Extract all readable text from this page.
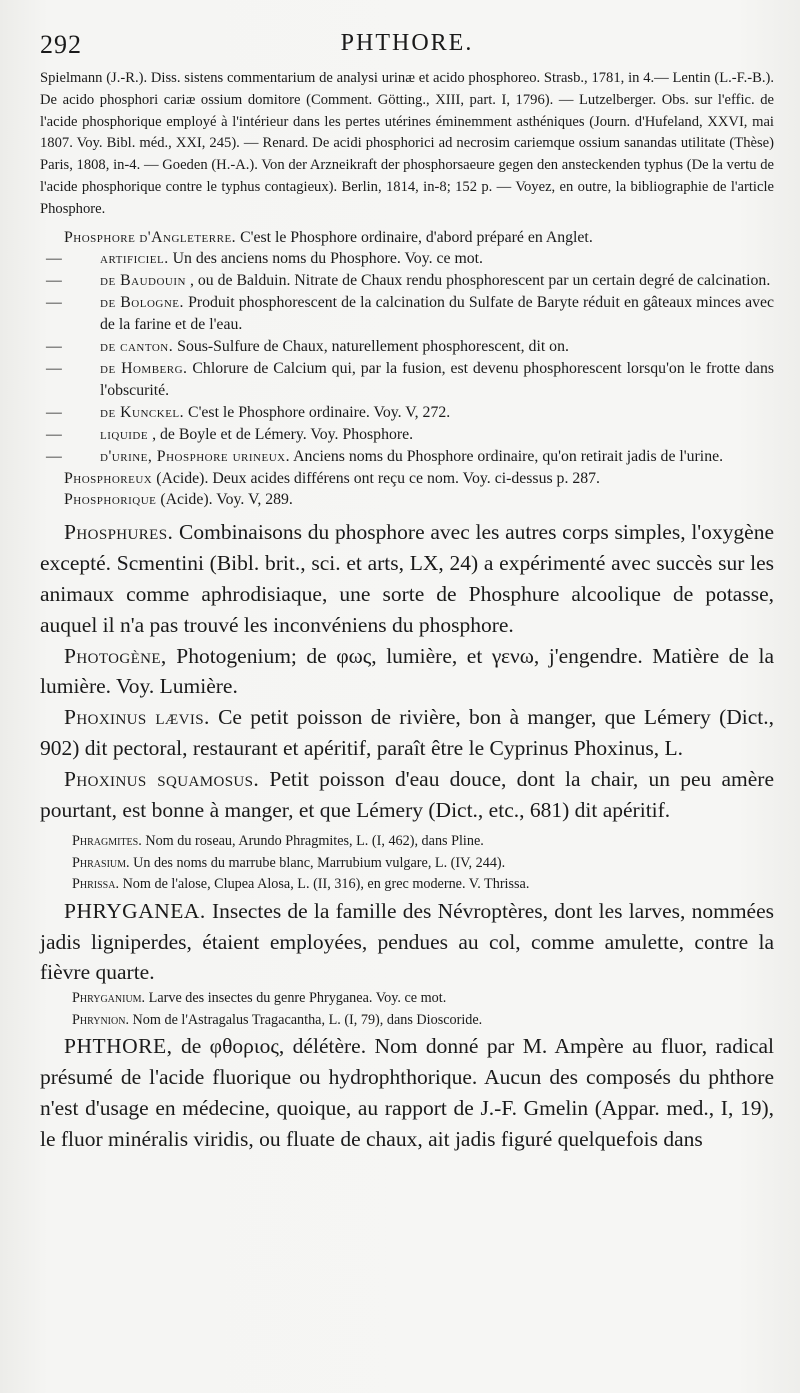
292	PHTHORE.

Spielmann (J.-R.). Diss. sistens commentarium de analysi urinæ et acido phosphoreo. Strasb., 1781, in 4.— Lentin (L.-F.-B.). De acido phosphori cariæ ossium domitore (Comment. Götting., XIII, part. I, 1796). — Lutzelberger. Obs. sur l'effic. de l'acide phosphorique employé à l'intérieur dans les pertes utérines éminemment asthéniques (Journ. d'Hufeland, XXVI, mai 1807. Voy. Bibl. méd., XXI, 245). — Renard. De acidi phosphorici ad necrosim cariemque ossium sanandas utilitate (Thèse) Paris, 1808, in-4. — Goeden (H.-A.). Von der Arzneikraft der phosphorsaeure gegen den ansteckenden typhus (De la vertu de l'acide phosphorique contre le typhus contagieux). Berlin, 1814, in-8; 152 p. — Voyez, en outre, la bibliographie de l'article Phosphore.

Phosphore d'Angleterre. C'est le Phosphore ordinaire, d'abord préparé en Anglet.

— artificiel. Un des anciens noms du Phosphore. Voy. ce mot.

— de Baudouin , ou de Balduin. Nitrate de Chaux rendu phosphorescent par un certain degré de calcination.

— de Bologne. Produit phosphorescent de la calcination du Sulfate de Baryte réduit en gâteaux minces avec de la farine et de l'eau.

— de canton. Sous-Sulfure de Chaux, naturellement phosphorescent, dit on.

— de Homberg. Chlorure de Calcium qui, par la fusion, est devenu phosphorescent lorsqu'on le frotte dans l'obscurité.

— de Kunckel. C'est le Phosphore ordinaire. Voy. V, 272.

— liquide , de Boyle et de Lémery. Voy. Phosphore.

— d'urine, Phosphore urineux. Anciens noms du Phosphore ordinaire, qu'on retirait jadis de l'urine.

Phosphoreux (Acide). Deux acides différens ont reçu ce nom. Voy. ci-dessus p. 287.

Phosphorique (Acide). Voy. V, 289.

Phosphures. Combinaisons du phosphore avec les autres corps simples, l'oxygène excepté. Scmentini (Bibl. brit., sci. et arts, LX, 24) a expérimenté avec succès sur les animaux comme aphrodisiaque, une sorte de Phosphure alcoolique de potasse, auquel il n'a pas trouvé les inconvéniens du phosphore.

Photogène, Photogenium; de φως, lumière, et γενω, j'engendre. Matière de la lumière. Voy. Lumière.

Phoxinus lævis. Ce petit poisson de rivière, bon à manger, que Lémery (Dict., 902) dit pectoral, restaurant et apéritif, paraît être le Cyprinus Phoxinus, L.

Phoxinus squamosus. Petit poisson d'eau douce, dont la chair, un peu amère pourtant, est bonne à manger, et que Lémery (Dict., etc., 681) dit apéritif.

Phragmites. Nom du roseau, Arundo Phragmites, L. (I, 462), dans Pline.

Phrasium. Un des noms du marrube blanc, Marrubium vulgare, L. (IV, 244).

Phrissa. Nom de l'alose, Clupea Alosa, L. (II, 316), en grec moderne. V. Thrissa.

PHRYGANEA. Insectes de la famille des Névroptères, dont les larves, nommées jadis ligniperdes, étaient employées, pendues au col, comme amulette, contre la fièvre quarte.

Phryganium. Larve des insectes du genre Phryganea. Voy. ce mot.

Phrynion. Nom de l'Astragalus Tragacantha, L. (I, 79), dans Dioscoride.

PHTHORE, de φθοριος, délétère. Nom donné par M. Ampère au fluor, radical présumé de l'acide fluorique ou hydrophthorique. Aucun des composés du phthore n'est d'usage en médecine, quoique, au rapport de J.-F. Gmelin (Appar. med., I, 19), le fluor minéralis viridis, ou fluate de chaux, ait jadis figuré quelquefois dans
